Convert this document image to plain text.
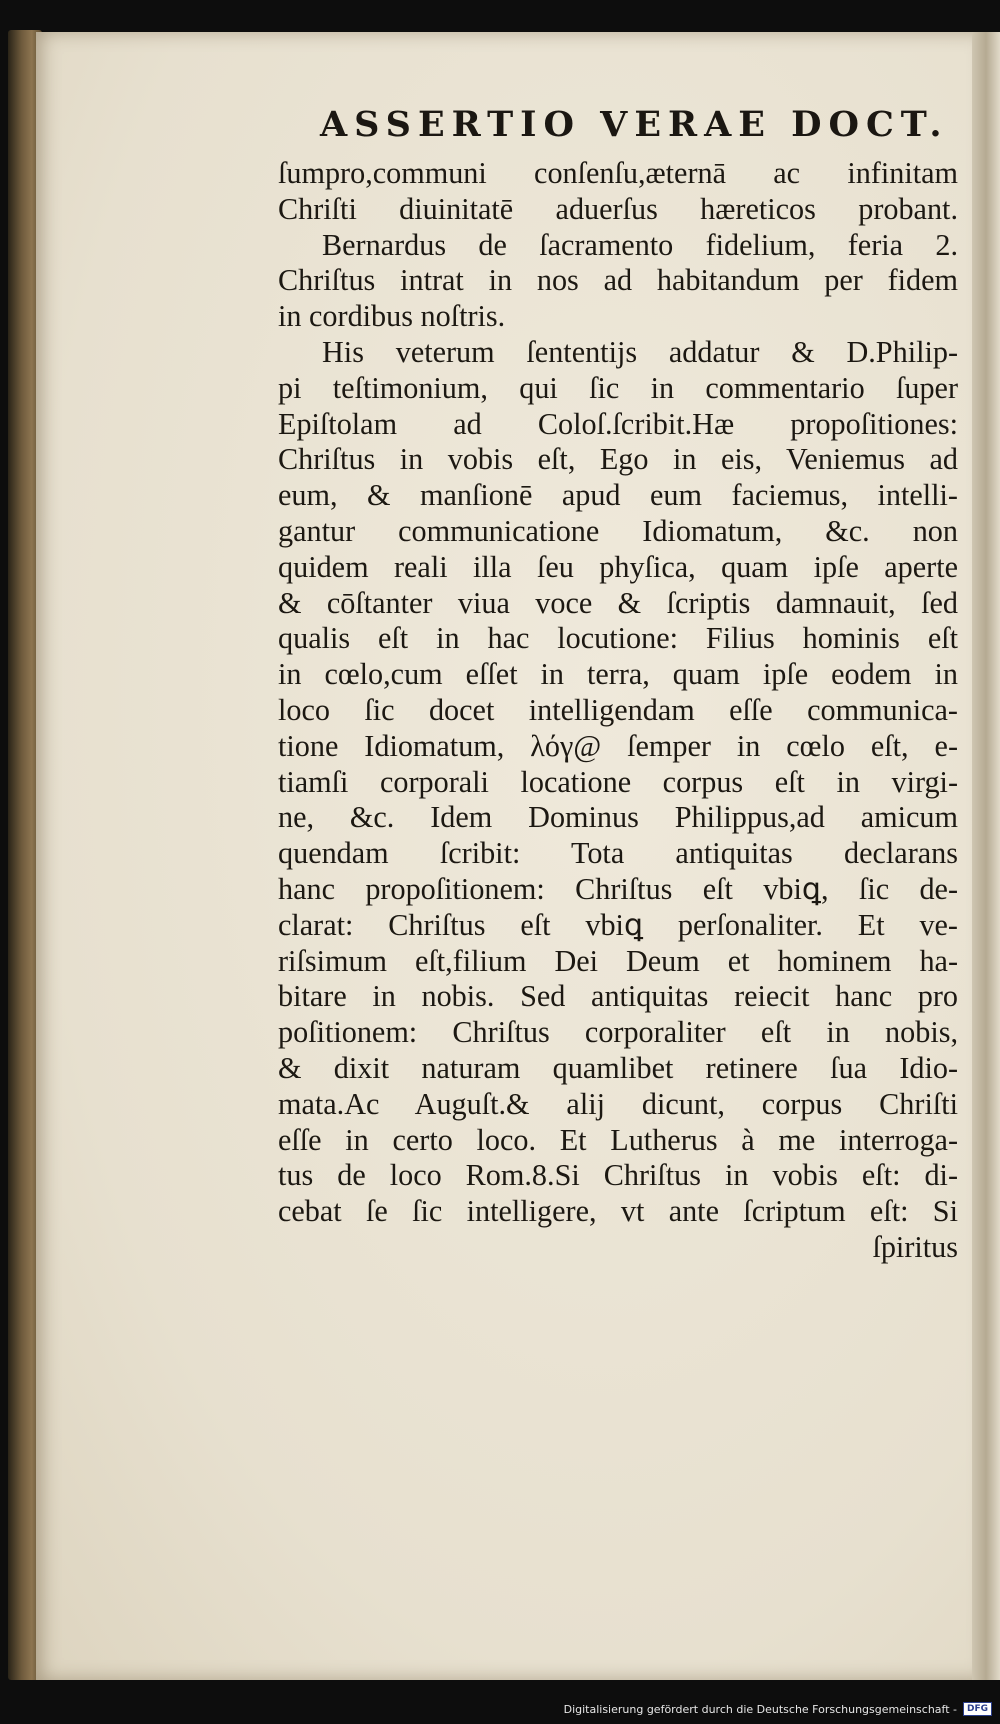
ASSERTIO VERAE DOCT.
ſumpro,communi conſenſu,æternā ac infinitam
Chriſti diuinitatē aduerſus hæreticos probant.
Bernardus de ſacramento fidelium, feria 2.
Chriſtus intrat in nos ad habitandum per fidem
in cordibus noſtris.
His veterum ſententijs addatur & D.Philip-
pi teſtimonium, qui ſic in commentario ſuper
Epiſtolam ad Coloſ.ſcribit.Hæ propoſitiones:
Chriſtus in vobis eſt, Ego in eis, Veniemus ad
eum, & manſionē apud eum faciemus, intelli-
gantur communicatione Idiomatum, &c. non
quidem reali illa ſeu phyſica, quam ipſe aperte
& cōſtanter viua voce & ſcriptis damnauit, ſed
qualis eſt in hac locutione: Filius hominis eſt
in cœlo,cum eſſet in terra, quam ipſe eodem in
loco ſic docet intelligendam eſſe communica-
tione Idiomatum, λόγ@ ſemper in cœlo eſt, e-
tiamſi corporali locatione corpus eſt in virgi-
ne, &c. Idem Dominus Philippus,ad amicum
quendam ſcribit: Tota antiquitas declarans
hanc propoſitionem: Chriſtus eſt vbiꝗ, ſic de-
clarat: Chriſtus eſt vbiꝗ perſonaliter. Et ve-
riſsimum eſt,filium Dei Deum et hominem ha-
bitare in nobis. Sed antiquitas reiecit hanc pro
poſitionem: Chriſtus corporaliter eſt in nobis,
& dixit naturam quamlibet retinere ſua Idio-
mata.Ac Auguſt.& alij dicunt, corpus Chriſti
eſſe in certo loco. Et Lutherus à me interroga-
tus de loco Rom.8.Si Chriſtus in vobis eſt: di-
cebat ſe ſic intelligere, vt ante ſcriptum eſt: Si
ſpiritus
Digitalisierung gefördert durch die Deutsche Forschungsgemeinschaft -	DFG
